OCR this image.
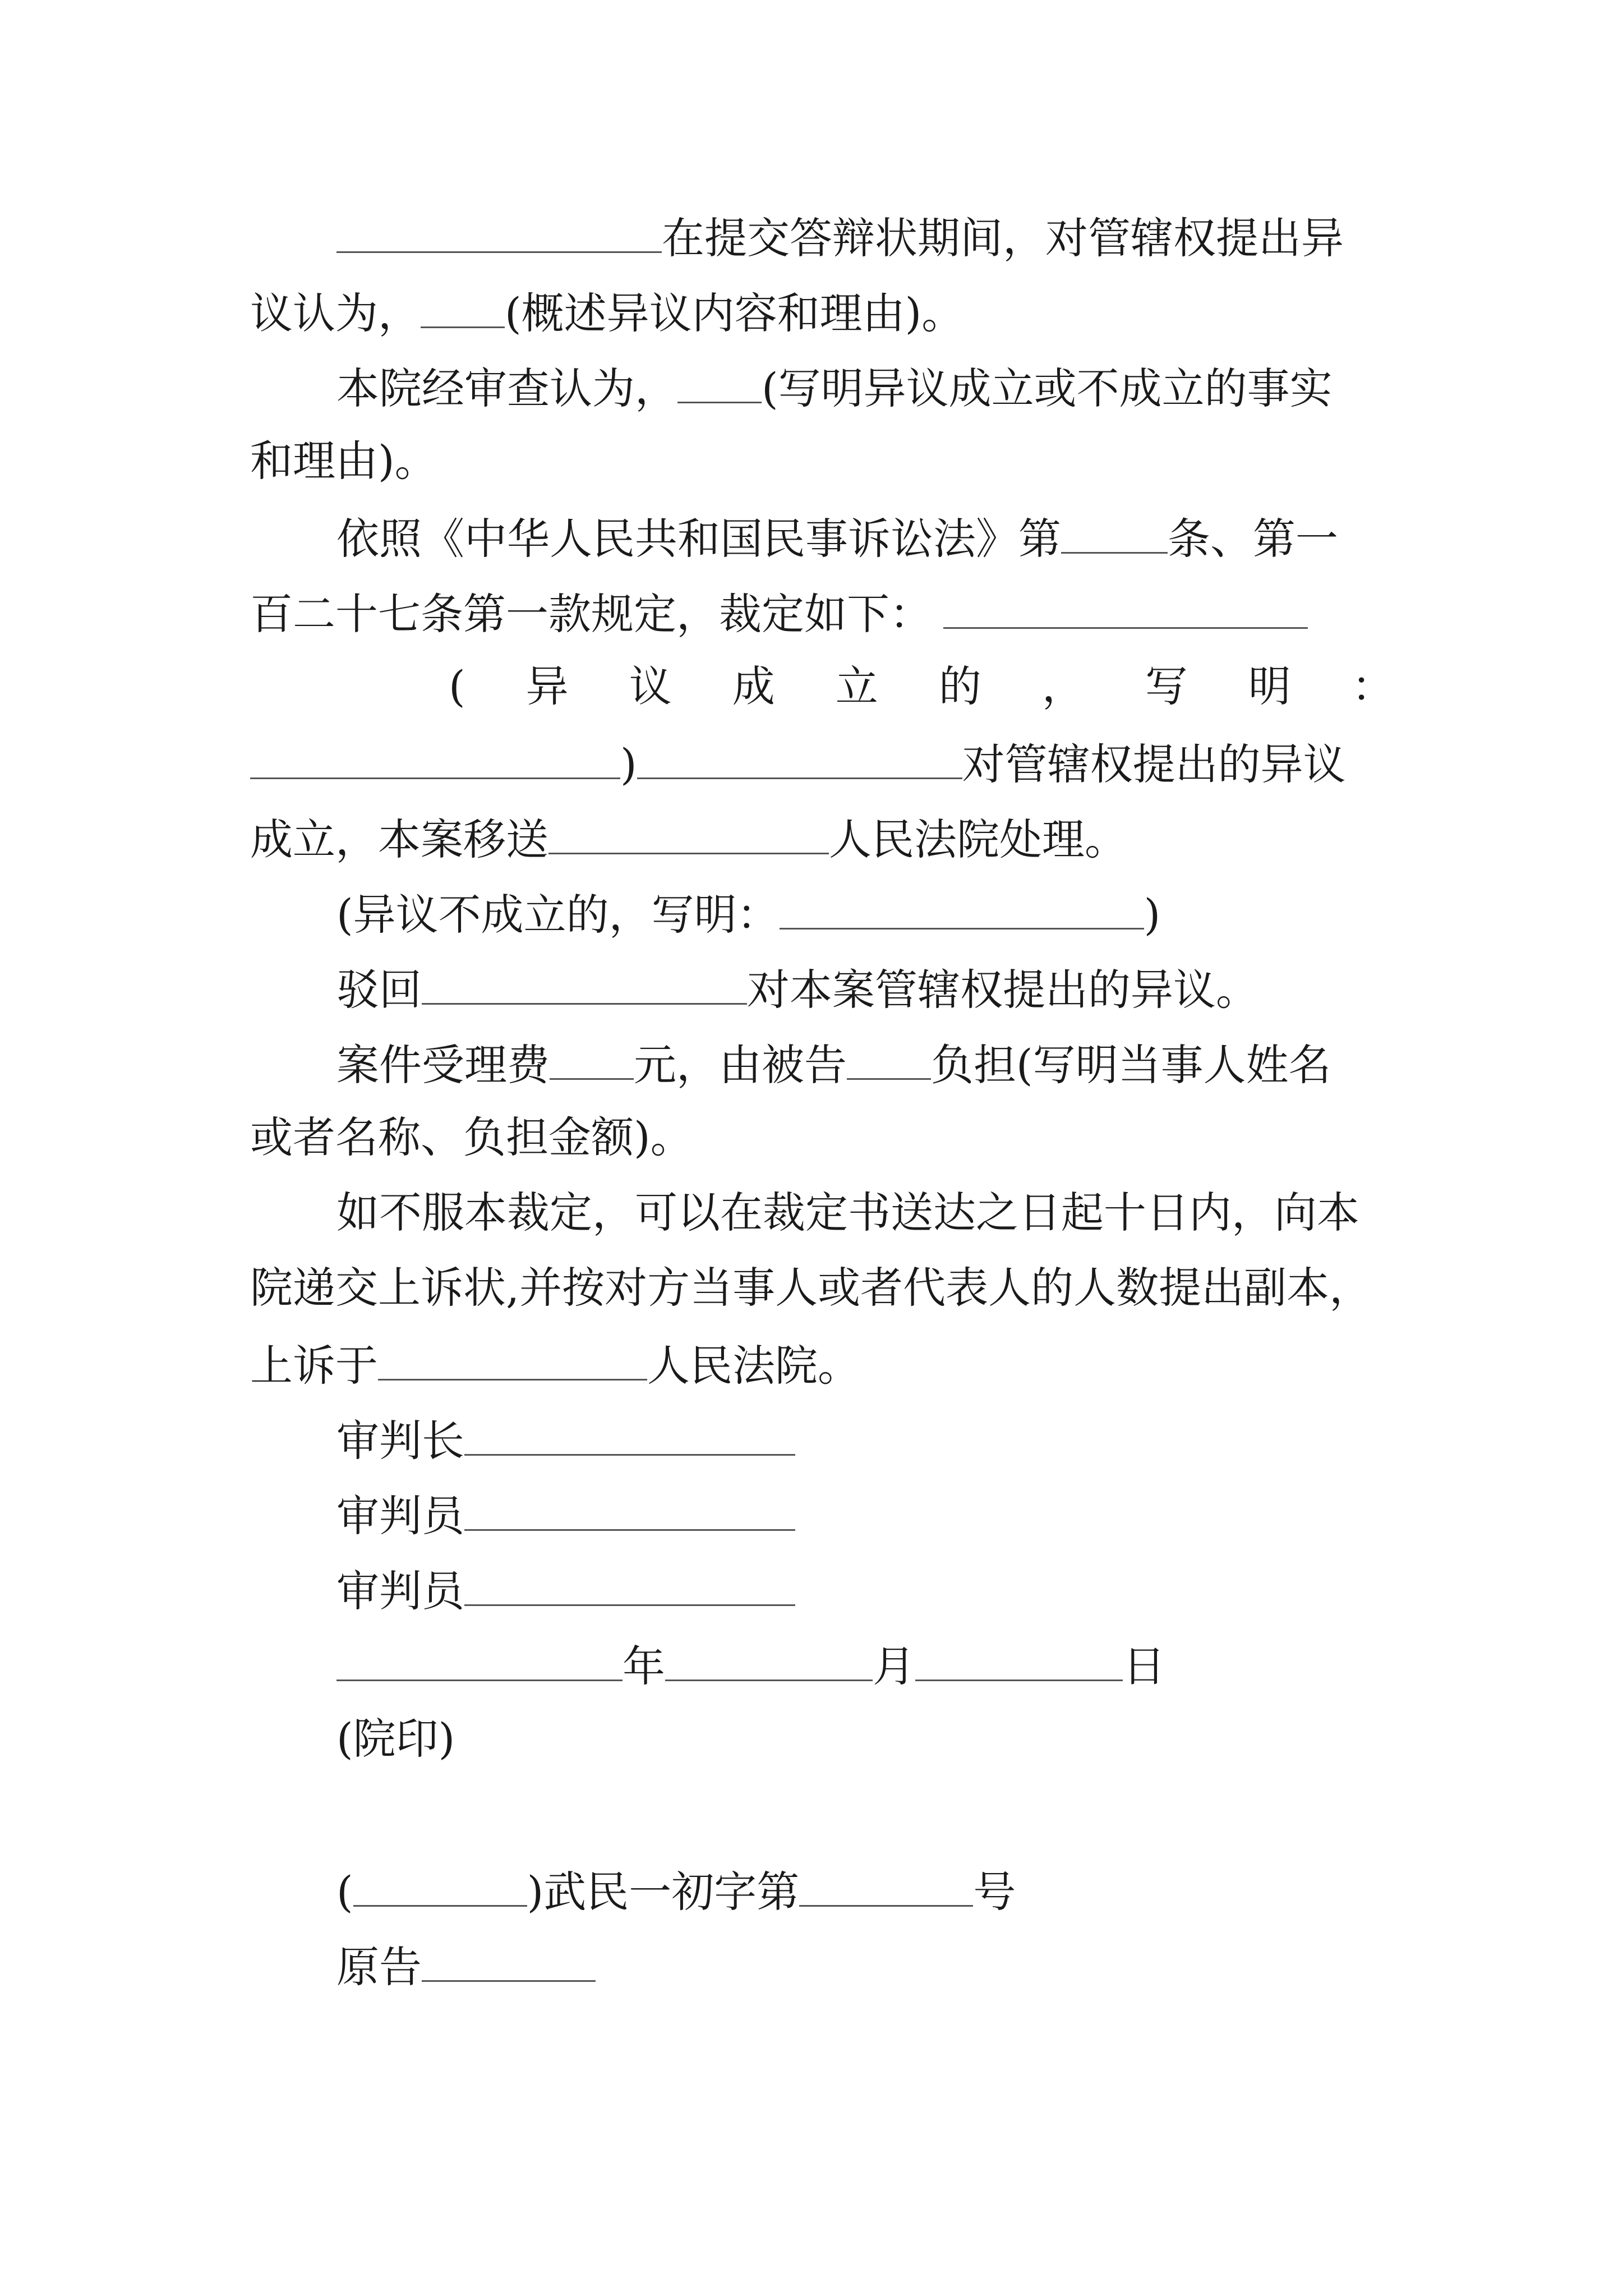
在提交答辩状期间，对管辖权提出异
议认为， (概述异议内容和理由)。
本院经审查认为， (写明异议成立或不成立的事实
和理由)。
依照《中华人民共和国民事诉讼法》第	条、第一
百二十七条第一款规定，裁定如下：
( 异 议 成 立 的 ， 写 明 ：
)	对管辖权提出的异议
成立，本案移送	人民法院处理。
(异议不成立的，写明：	)
驳回	对本案管辖权提出的异议。
案件受理费 元，由被告 负担(写明当事人姓名
或者名称、负担金额)。
如不服本裁定，可以在裁定书送达之日起十日内，向本
院递交上诉状,并按对方当事人或者代表人的人数提出副本，
上诉于	人民法院。
审判长
审判员
审判员
年	月	日
(院印)

(	)武民一初字第	号
原告
